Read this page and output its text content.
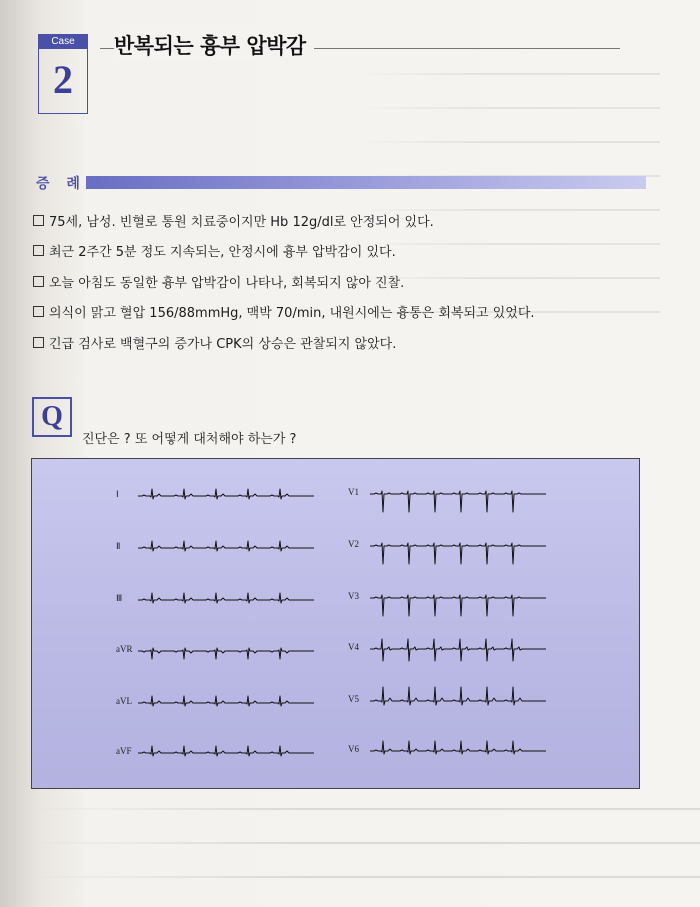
Case
2
반복되는 흉부 압박감
증 례
75세, 남성. 빈혈로 통원 치료중이지만 Hb 12g/dl로 안정되어 있다.
최근 2주간 5분 정도 지속되는, 안정시에 흉부 압박감이 있다.
오늘 아침도 동일한 흉부 압박감이 나타나, 회복되지 않아 진찰.
의식이 맑고 혈압 156/88mmHg, 맥박 70/min, 내원시에는 흉통은 회복되고 있었다.
긴급 검사로 백혈구의 증가나 CPK의 상승은 관찰되지 않았다.
Q
진단은 ? 또 어떻게 대처해야 하는가 ?
Ⅰ
Ⅱ
Ⅲ
aVR
aVL
aVF
V1
V2
V3
V4
V5
V6
